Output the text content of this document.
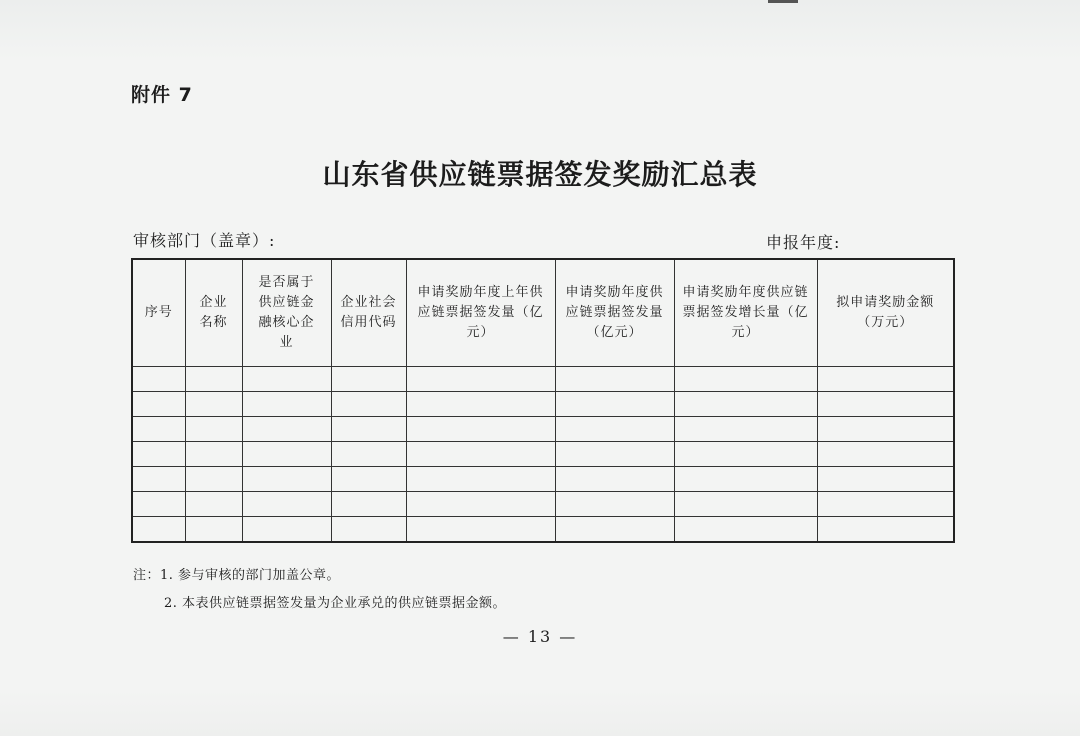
附件 7
山东省供应链票据签发奖励汇总表
审核部门（盖章）:	申报年度:
序号	企业名称	是否属于供应链金融核心企业	企业社会信用代码	申请奖励年度上年供应链票据签发量（亿元）	申请奖励年度供应链票据签发量（亿元）	申请奖励年度供应链票据签发增长量（亿元）	拟申请奖励金额（万元）

注：1. 参与审核的部门加盖公章。
2. 本表供应链票据签发量为企业承兑的供应链票据金额。
— 13 —
